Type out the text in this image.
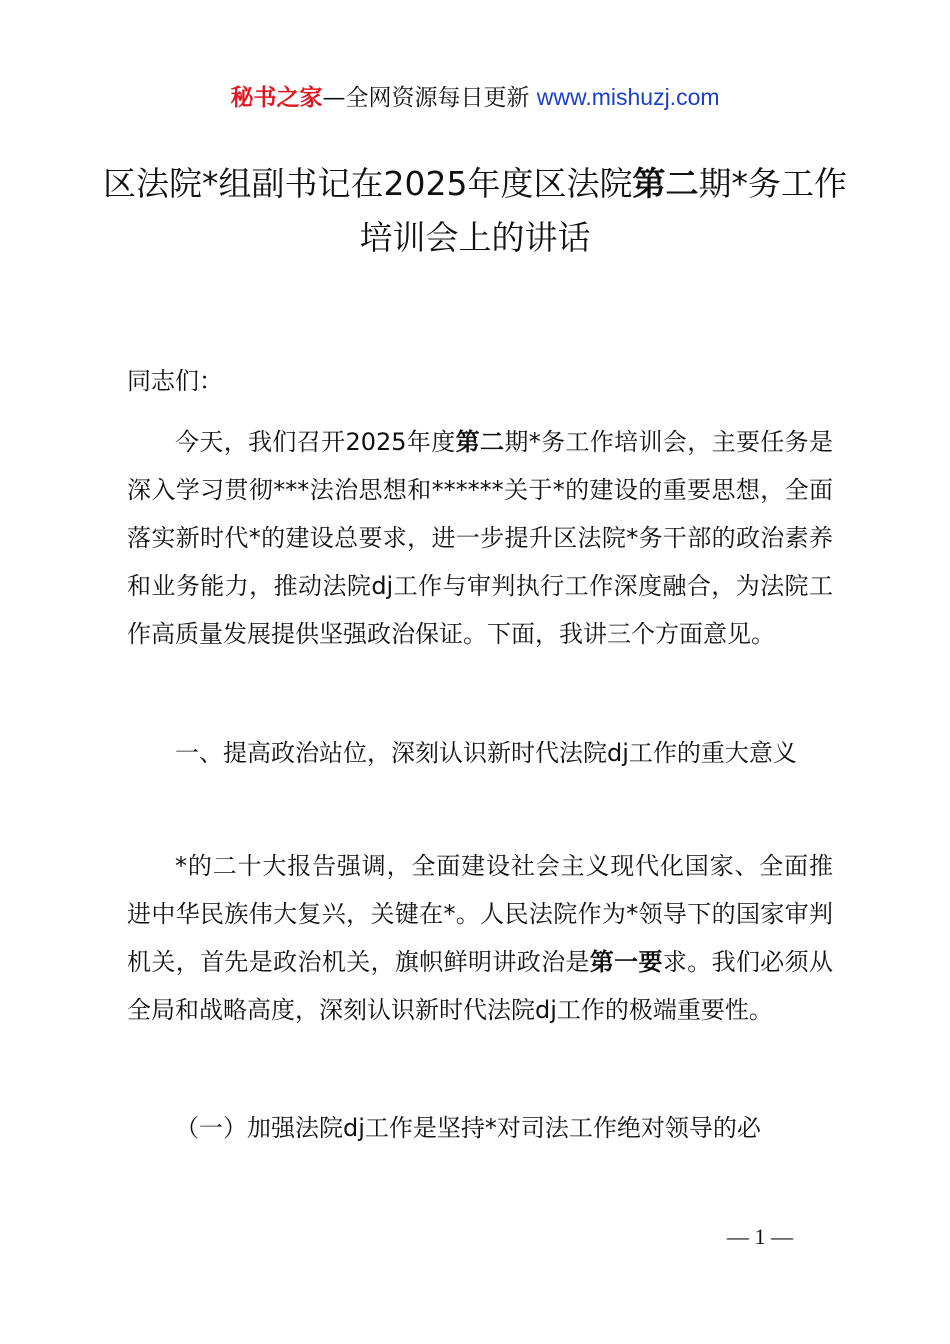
秘书之家—全网资源每日更新 www.mishuzj.com
区法院*组副书记在2025年度区法院第二期*务工作培训会上的讲话

同志们：

今天，我们召开2025年度第二期*务工作培训会，主要任务是深入学习贯彻***法治思想和******关于*的建设的重要思想，全面落实新时代*的建设总要求，进一步提升区法院*务干部的政治素养和业务能力，推动法院dj工作与审判执行工作深度融合，为法院工作高质量发展提供坚强政治保证。下面，我讲三个方面意见。

一、提高政治站位，深刻认识新时代法院dj工作的重大意义

*的二十大报告强调，全面建设社会主义现代化国家、全面推进中华民族伟大复兴，关键在*。人民法院作为*领导下的国家审判机关，首先是政治机关，旗帜鲜明讲政治是第一要求。我们必须从全局和战略高度，深刻认识新时代法院dj工作的极端重要性。

（一）加强法院dj工作是坚持*对司法工作绝对领导的必

— 1 —
